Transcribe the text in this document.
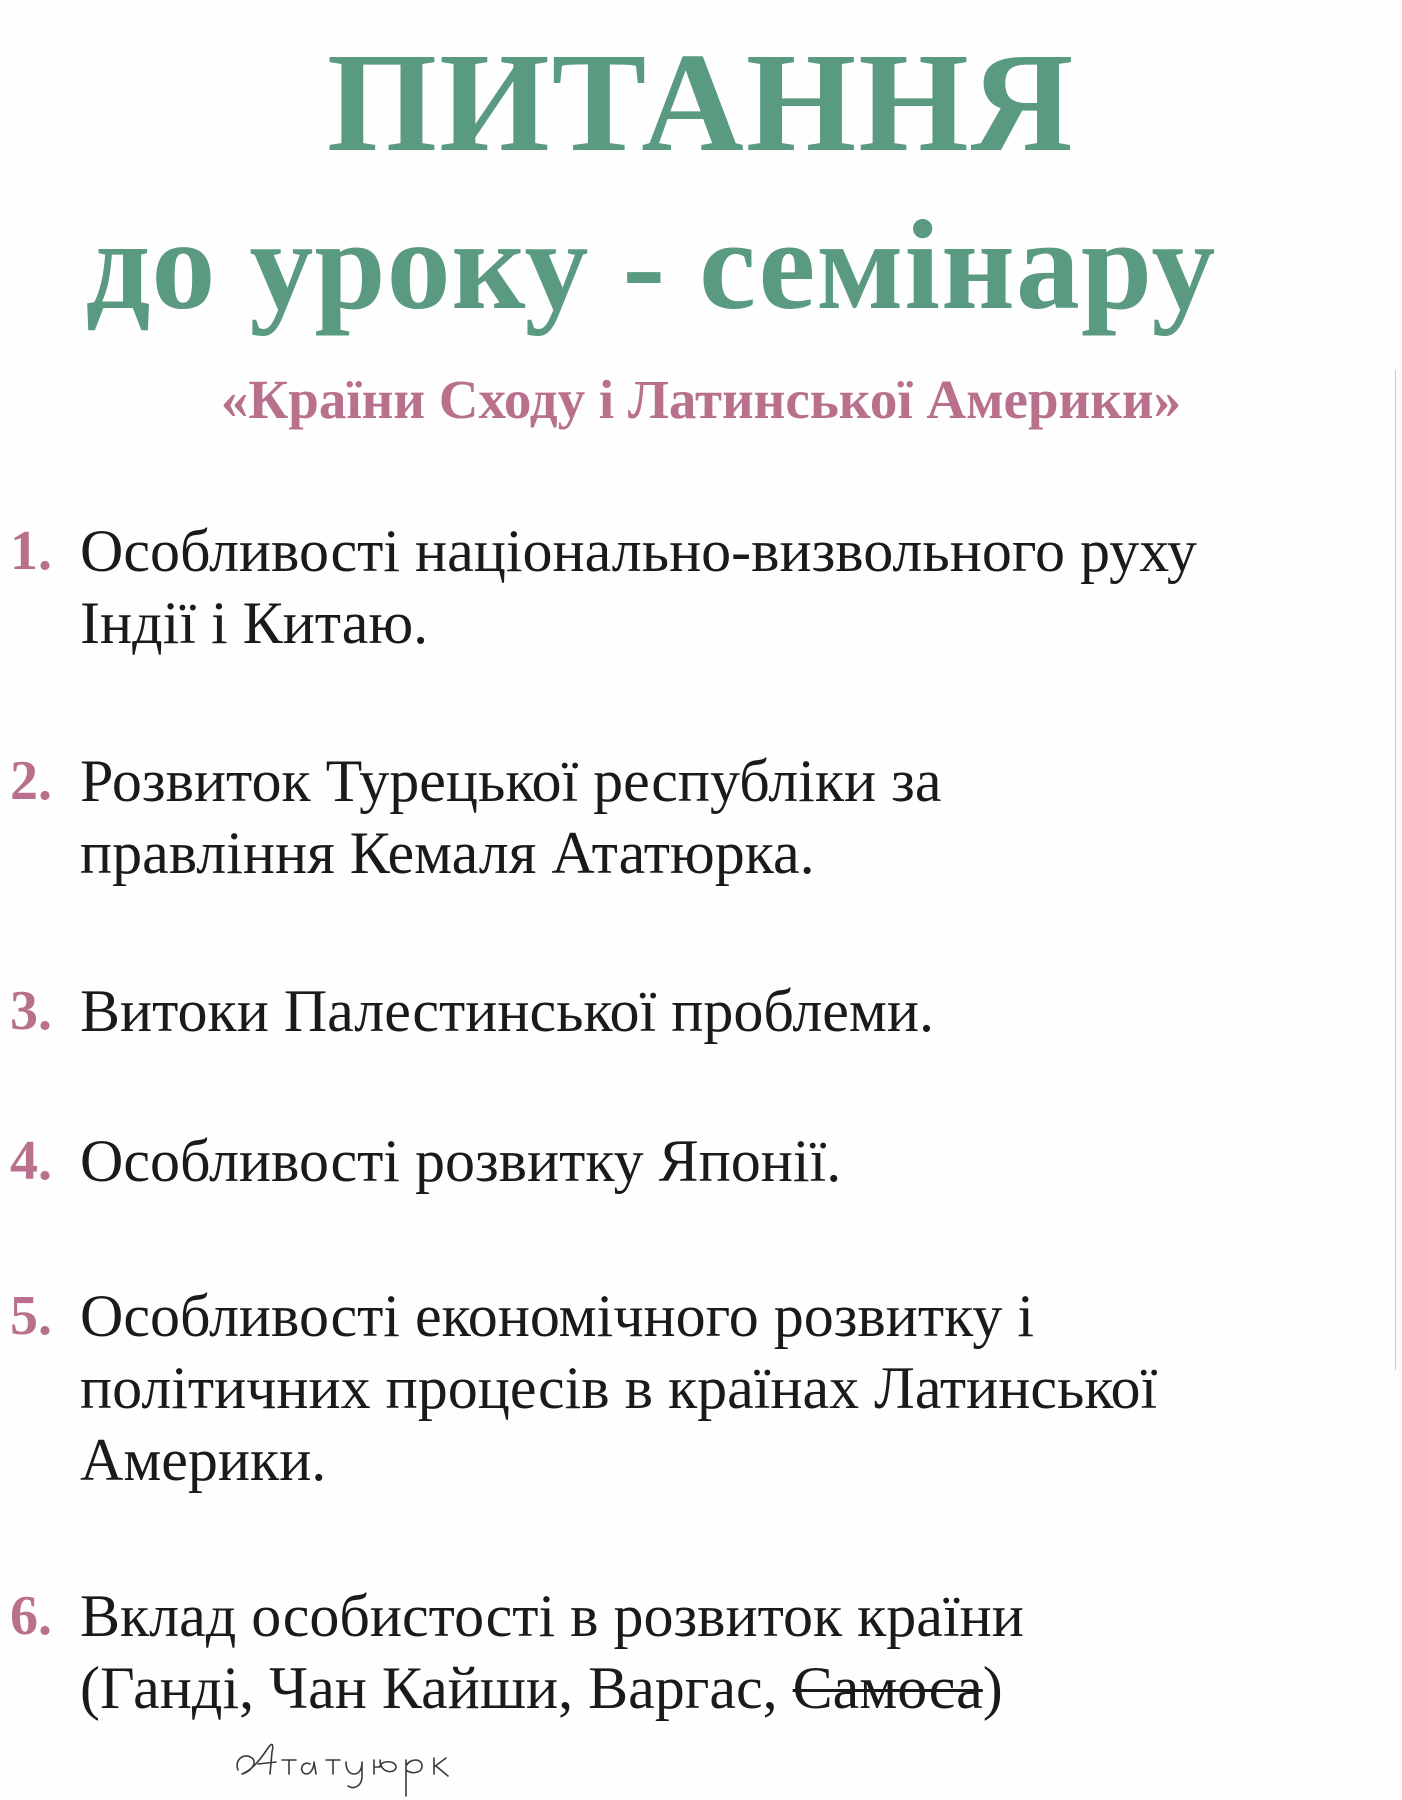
ПИТАННЯ
до уроку - семінару

«Країни Сходу і Латинської Америки»

1. Особливості національно-визвольного руху
Індії і Китаю.
2. Розвиток Турецької республіки за
правління Кемаля Ататюрка.
3. Витоки Палестинської проблеми.
4. Особливості розвитку Японії.
5. Особливості економічного розвитку і
політичних процесів в країнах Латинської
Америки.
6. Вклад особистості в розвиток країни
(Ганді, Чан Кайши, Варгас, Самоса)
Ататюрк
